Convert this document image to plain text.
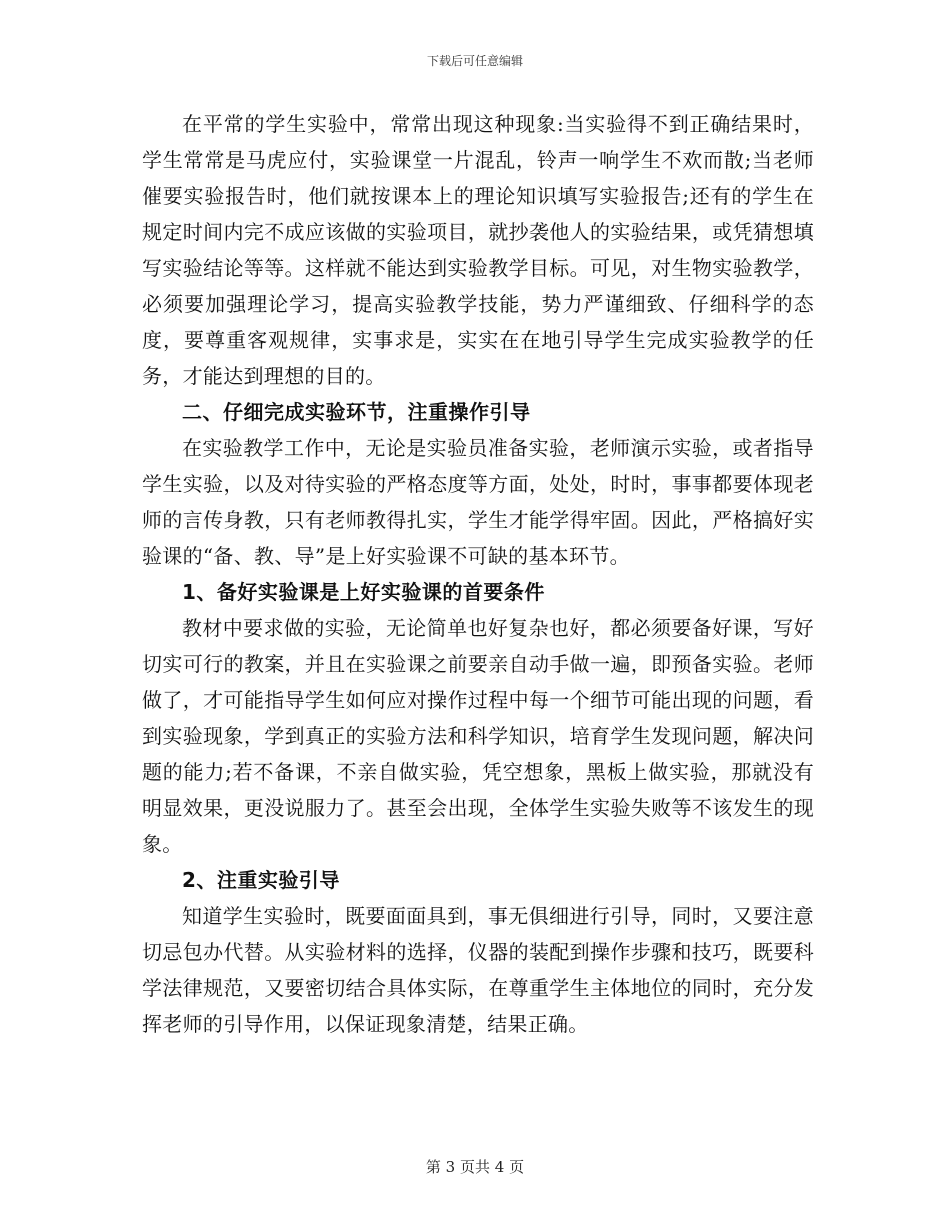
下载后可任意编辑

在平常的学生实验中，常常出现这种现象:当实验得不到正确结果时，学生常常是马虎应付，实验课堂一片混乱，铃声一响学生不欢而散;当老师催要实验报告时，他们就按课本上的理论知识填写实验报告;还有的学生在规定时间内完不成应该做的实验项目，就抄袭他人的实验结果，或凭猜想填写实验结论等等。这样就不能达到实验教学目标。可见，对生物实验教学，必须要加强理论学习，提高实验教学技能，势力严谨细致、仔细科学的态度，要尊重客观规律，实事求是，实实在在地引导学生完成实验教学的任务，才能达到理想的目的。

二、仔细完成实验环节，注重操作引导

在实验教学工作中，无论是实验员准备实验，老师演示实验，或者指导学生实验，以及对待实验的严格态度等方面，处处，时时，事事都要体现老师的言传身教，只有老师教得扎实，学生才能学得牢固。因此，严格搞好实验课的“备、教、导”是上好实验课不可缺的基本环节。

1、备好实验课是上好实验课的首要条件

教材中要求做的实验，无论简单也好复杂也好，都必须要备好课，写好切实可行的教案，并且在实验课之前要亲自动手做一遍，即预备实验。老师做了，才可能指导学生如何应对操作过程中每一个细节可能出现的问题，看到实验现象，学到真正的实验方法和科学知识，培育学生发现问题，解决问题的能力;若不备课，不亲自做实验，凭空想象，黑板上做实验，那就没有明显效果，更没说服力了。甚至会出现，全体学生实验失败等不该发生的现象。

2、注重实验引导

知道学生实验时，既要面面具到，事无俱细进行引导，同时，又要注意切忌包办代替。从实验材料的选择，仪器的装配到操作步骤和技巧，既要科学法律规范，又要密切结合具体实际，在尊重学生主体地位的同时，充分发挥老师的引导作用，以保证现象清楚，结果正确。

第 3 页共 4 页
